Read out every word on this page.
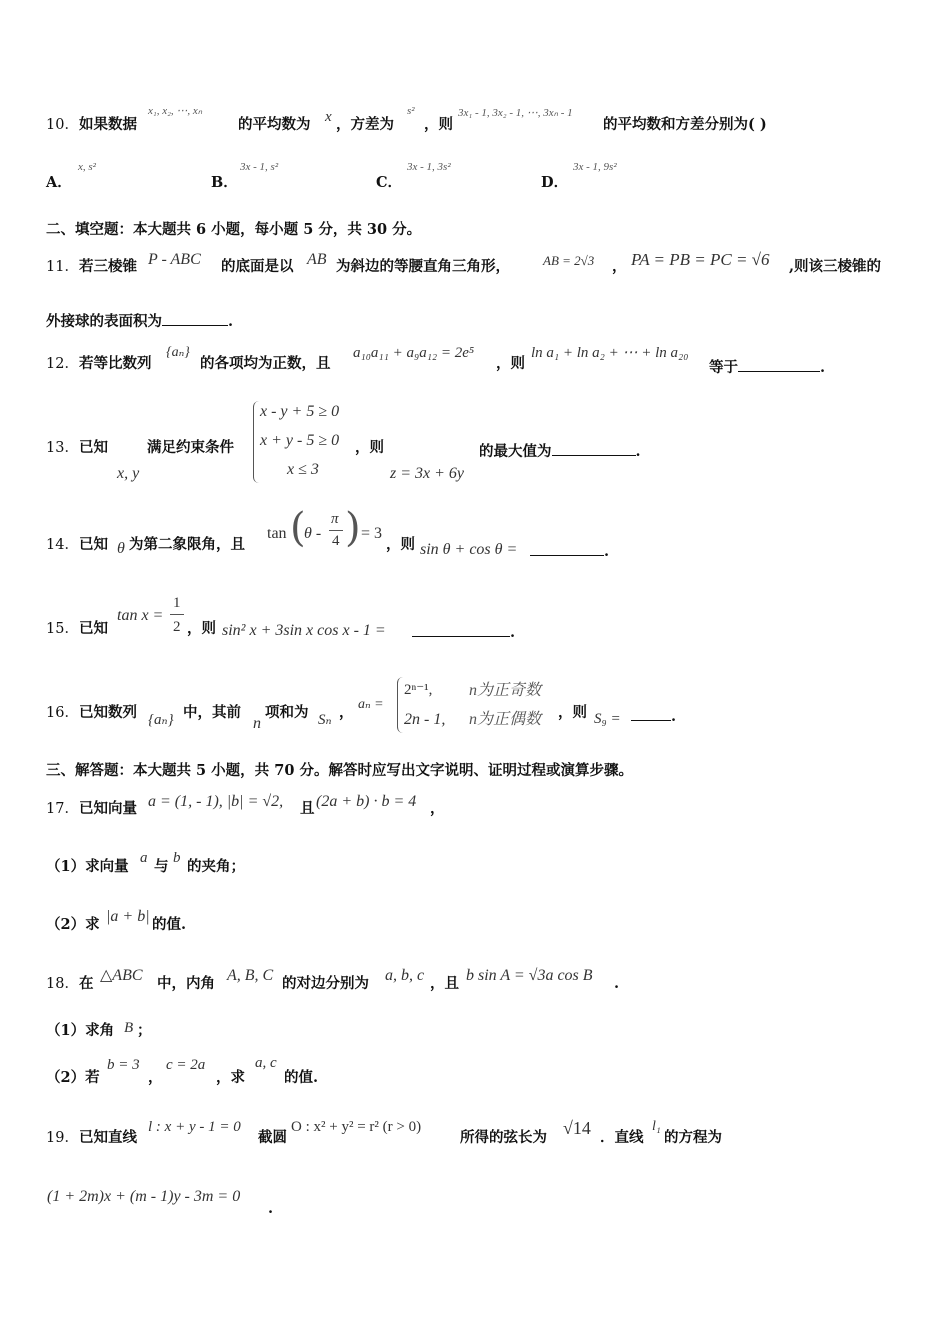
10．如果数据
x₁, x₂, ⋯, xₙ
的平均数为 x ，方差为
s²
，则
3x₁ - 1, 3x₂ - 1, ⋯, 3xₙ - 1
的平均数和方差分别为( )
A．
x, s²
B．
3x - 1, s²
C．
3x - 1, 3s²
D．
3x - 1, 9s²
二、填空题：本大题共 6 小题，每小题 5 分，共 30 分。
11．若三棱锥 P - ABC 的底面是以 AB 为斜边的等腰直角三角形，	AB = 2√3 ， PA = PB = PC = √6 ,则该三棱锥的
外接球的表面积为	.
12．若等比数列
{aₙ}
的各项均为正数，且
a₁₀a₁₁ + a₉a₁₂ = 2e⁵
，则
ln a₁ + ln a₂ + ⋯ + ln a₂₀
等于	.
13．已知
x, y
满足约束条件
x - y + 5 ≥ 0
x + y - 5 ≥ 0
x ≤ 3
，则
z = 3x + 6y
的最大值为	.
14．已知 θ 为第二象限角，且
tan (
θ -
π
4 ) = 3
，则 sin θ + cos θ =	.
15．已知
tan x =
1
2 ，则 sin² x + 3sin x cos x - 1 =	.
16．已知数列 {aₙ} 中，其前
n
项和为 Sₙ ， aₙ =
2ⁿ⁻¹, n为正奇数
2n - 1, n为正偶数 ，则 S₉ =	.
三、解答题：本大题共 5 小题，共 70 分。解答时应写出文字说明、证明过程或演算步骤。
17．已知向量 a = (1, - 1), |b| = √2, 且 (2a + b) · b = 4 ，
（1）求向量 a 与 b 的夹角；
（2）求 |a + b| 的值.
18．在 △ABC 中，内角 A, B, C 的对边分别为 a, b, c ，且 b sin A = √3a cos B .
（1）求角 B ；
（2）若
b = 3
，
c = 2a
，求
a, c
的值.
19．已知直线
l : x + y - 1 = 0
截圆
O : x² + y² = r² (r > 0)
所得的弦长为 √14 ．直线
l₁
的方程为
(1 + 2m)x + (m - 1)y - 3m = 0
.
